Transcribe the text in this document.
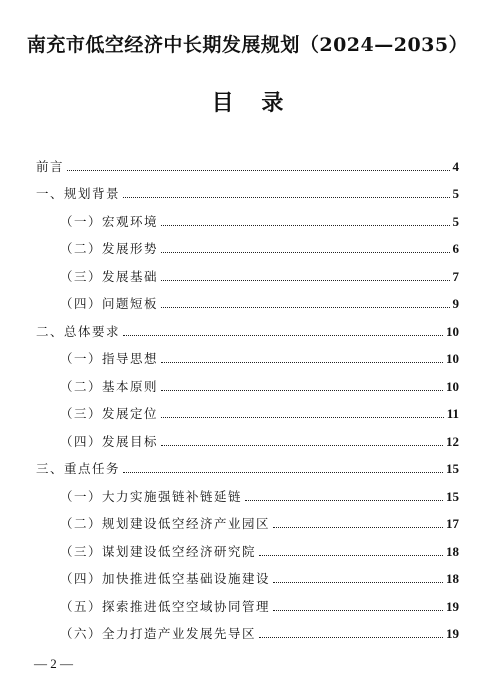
南充市低空经济中长期发展规划（2024—2035）
目 录
前言	4
一、规划背景	5
（一）宏观环境	5
（二）发展形势	6
（三）发展基础	7
（四）问题短板	9
二、总体要求	10
（一）指导思想	10
（二）基本原则	10
（三）发展定位	11
（四）发展目标	12
三、重点任务	15
（一）大力实施强链补链延链	15
（二）规划建设低空经济产业园区	17
（三）谋划建设低空经济研究院	18
（四）加快推进低空基础设施建设	18
（五）探索推进低空空域协同管理	19
（六）全力打造产业发展先导区	19
— 2 —
